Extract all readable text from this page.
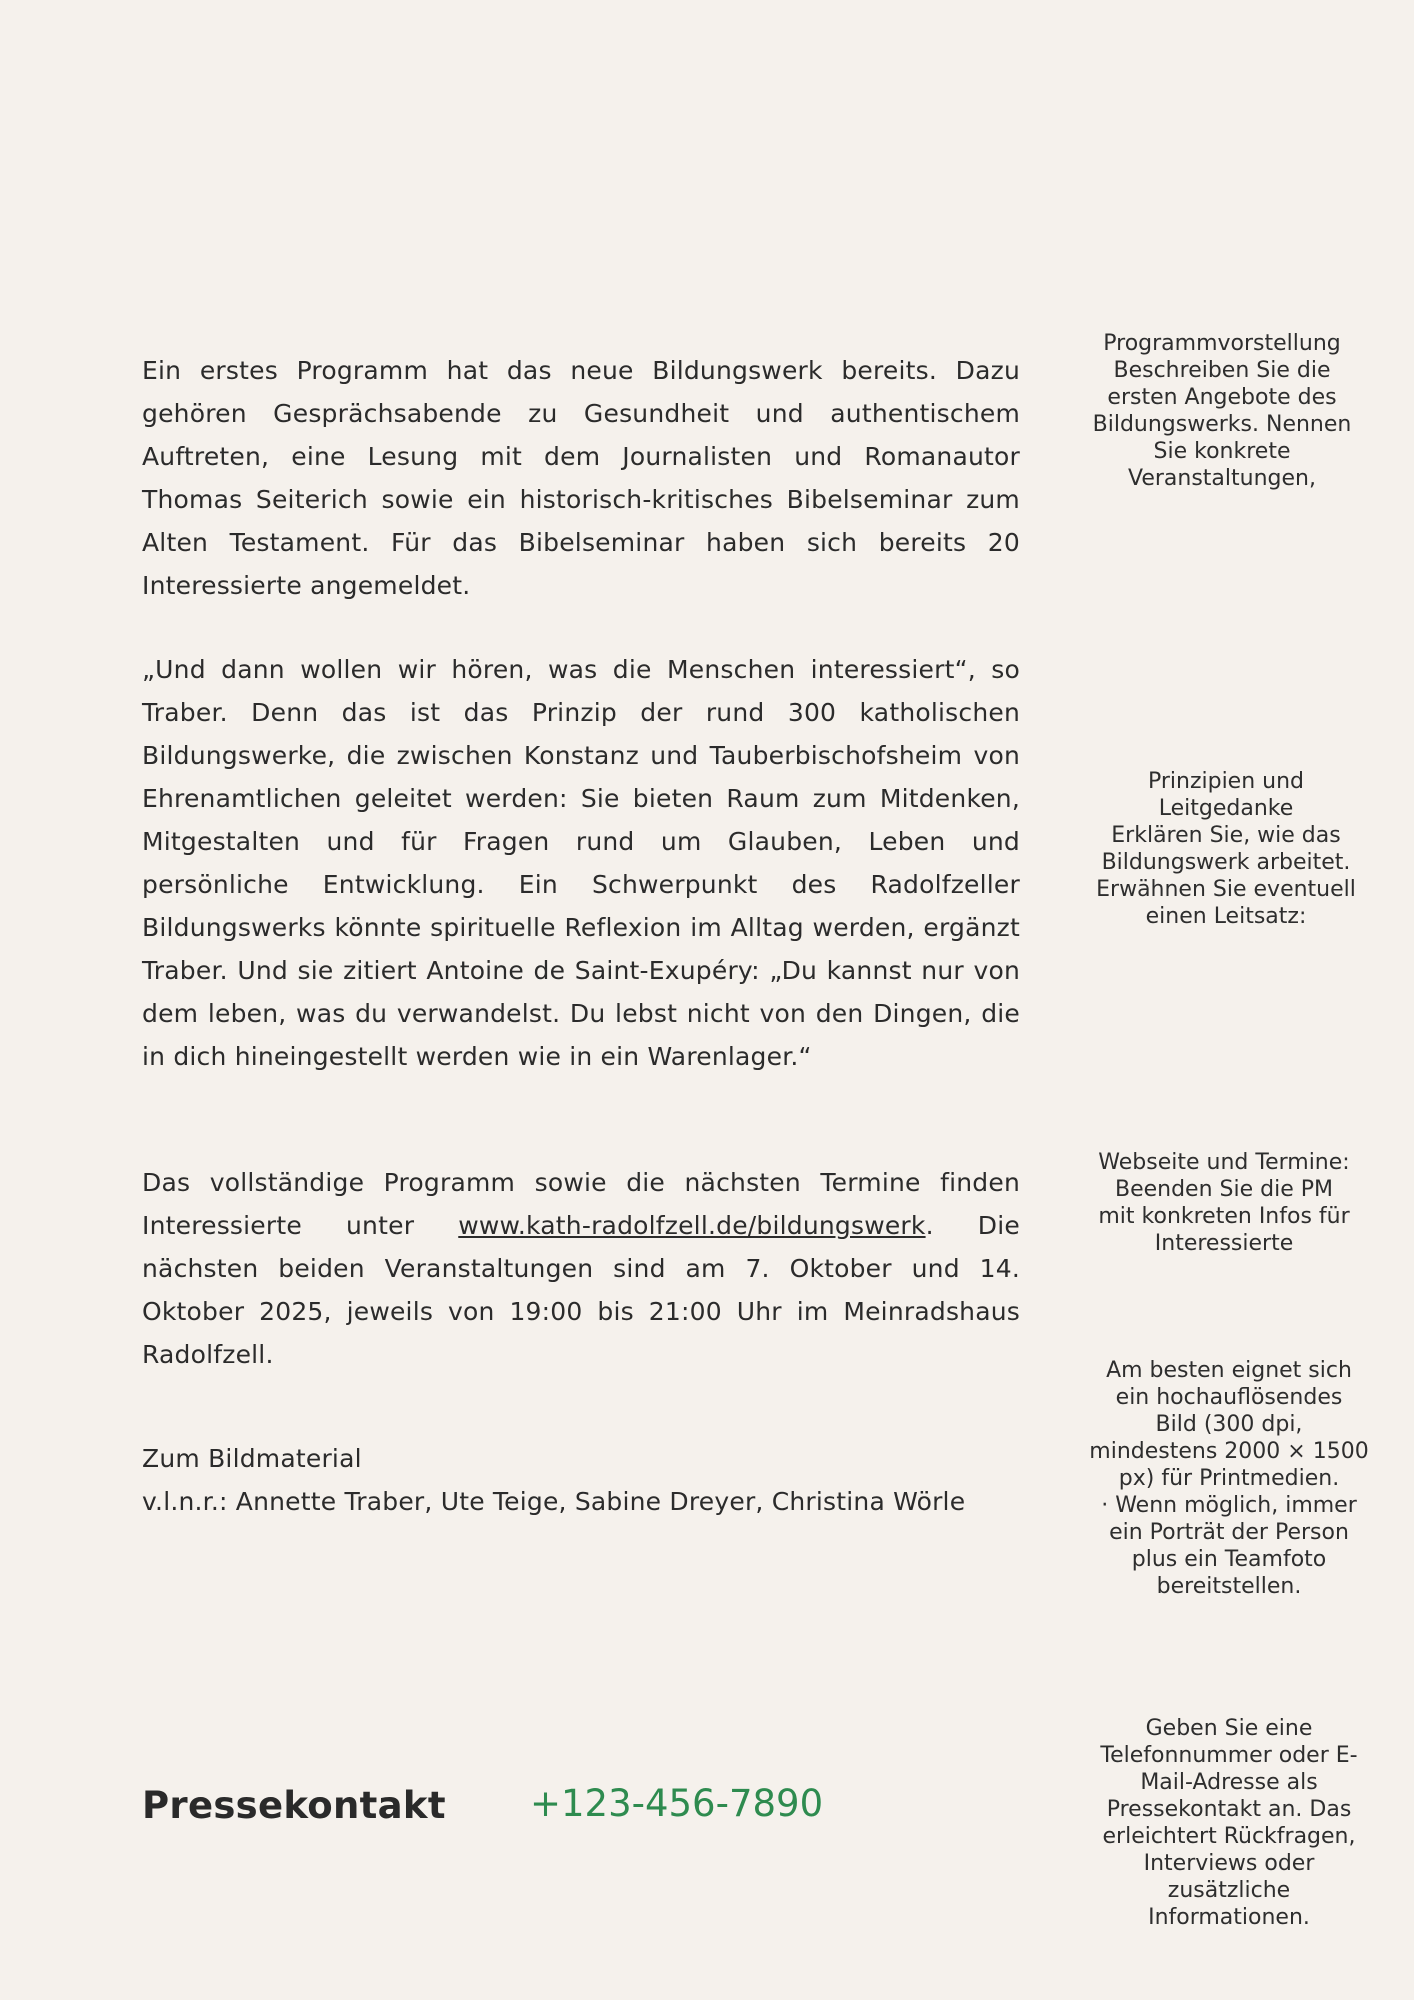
Ein erstes Programm hat das neue Bildungswerk bereits. Dazu gehören Gesprächsabende zu Gesundheit und authentischem Auftreten, eine Lesung mit dem Journalisten und Romanautor Thomas Seiterich sowie ein historisch-kritisches Bibelseminar zum Alten Testament. Für das Bibelseminar haben sich bereits 20 Interessierte angemeldet.

„Und dann wollen wir hören, was die Menschen interessiert“, so Traber. Denn das ist das Prinzip der rund 300 katholischen Bildungswerke, die zwischen Konstanz und Tauberbischofsheim von Ehrenamtlichen geleitet werden: Sie bieten Raum zum Mitdenken, Mitgestalten und für Fragen rund um Glauben, Leben und persönliche Entwicklung. Ein Schwerpunkt des Radolfzeller Bildungswerks könnte spirituelle Reflexion im Alltag werden, ergänzt Traber. Und sie zitiert Antoine de Saint-Exupéry: „Du kannst nur von dem leben, was du verwandelst. Du lebst nicht von den Dingen, die in dich hineingestellt werden wie in ein Warenlager.“

Das vollständige Programm sowie die nächsten Termine finden Interessierte unter www.kath-radolfzell.de/bildungswerk. Die nächsten beiden Veranstaltungen sind am 7. Oktober und 14. Oktober 2025, jeweils von 19:00 bis 21:00 Uhr im Meinradshaus Radolfzell.

Zum Bildmaterial

v.l.n.r.: Annette Traber, Ute Teige, Sabine Dreyer, Christina Wörle

Programmvorstellung
Beschreiben Sie die
ersten Angebote des
Bildungswerks. Nennen
Sie konkrete
Veranstaltungen,
Prinzipien und
Leitgedanke
Erklären Sie, wie das
Bildungswerk arbeitet.
Erwähnen Sie eventuell
einen Leitsatz:
Webseite und Termine:
Beenden Sie die PM
mit konkreten Infos für
Interessierte
Am besten eignet sich
ein hochauflösendes
Bild (300 dpi,
mindestens 2000 × 1500
px) für Printmedien.
· Wenn möglich, immer
ein Porträt der Person
plus ein Teamfoto
bereitstellen.
Geben Sie eine
Telefonnummer oder E-
Mail-Adresse als
Pressekontakt an. Das
erleichtert Rückfragen,
Interviews oder
zusätzliche
Informationen.
Pressekontakt +123-456-7890
